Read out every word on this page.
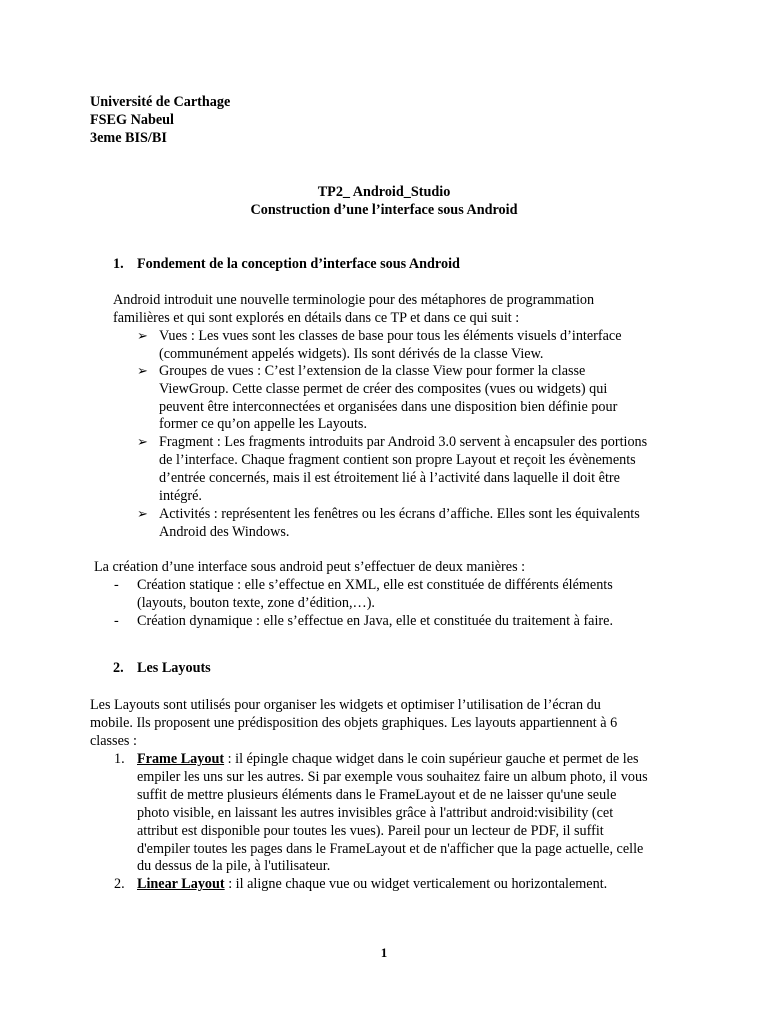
Université de Carthage
FSEG Nabeul
3eme BIS/BI
TP2_ Android_Studio
Construction d’une l’interface sous Android
1. Fondement de la conception d’interface sous Android
Android introduit une nouvelle terminologie pour des métaphores de programmation
familières et qui sont explorés en détails dans ce TP et dans ce qui suit :
➢ Vues : Les vues sont les classes de base pour tous les éléments visuels d’interface
(communément appelés widgets). Ils sont dérivés de la classe View.
➢ Groupes de vues : C’est l’extension de la classe View pour former la classe
ViewGroup. Cette classe permet de créer des composites (vues ou widgets) qui
peuvent être interconnectées et organisées dans une disposition bien définie pour
former ce qu’on appelle les Layouts.
➢ Fragment : Les fragments introduits par Android 3.0 servent à encapsuler des portions
de l’interface. Chaque fragment contient son propre Layout et reçoit les évènements
d’entrée concernés, mais il est étroitement lié à l’activité dans laquelle il doit être
intégré.
➢ Activités : représentent les fenêtres ou les écrans d’affiche. Elles sont les équivalents
Android des Windows.
La création d’une interface sous android peut s’effectuer de deux manières :
- Création statique : elle s’effectue en XML, elle est constituée de différents éléments
(layouts, bouton texte, zone d’édition,…).
- Création dynamique : elle s’effectue en Java, elle et constituée du traitement à faire.
2. Les Layouts
Les Layouts sont utilisés pour organiser les widgets et optimiser l’utilisation de l’écran du
mobile. Ils proposent une prédisposition des objets graphiques. Les layouts appartiennent à 6
classes :
1. Frame Layout : il épingle chaque widget dans le coin supérieur gauche et permet de les
empiler les uns sur les autres. Si par exemple vous souhaitez faire un album photo, il vous
suffit de mettre plusieurs éléments dans le FrameLayout et de ne laisser qu'une seule
photo visible, en laissant les autres invisibles grâce à l'attribut android:visibility (cet
attribut est disponible pour toutes les vues). Pareil pour un lecteur de PDF, il suffit
d'empiler toutes les pages dans le FrameLayout et de n'afficher que la page actuelle, celle
du dessus de la pile, à l'utilisateur.
2. Linear Layout : il aligne chaque vue ou widget verticalement ou horizontalement.
1
